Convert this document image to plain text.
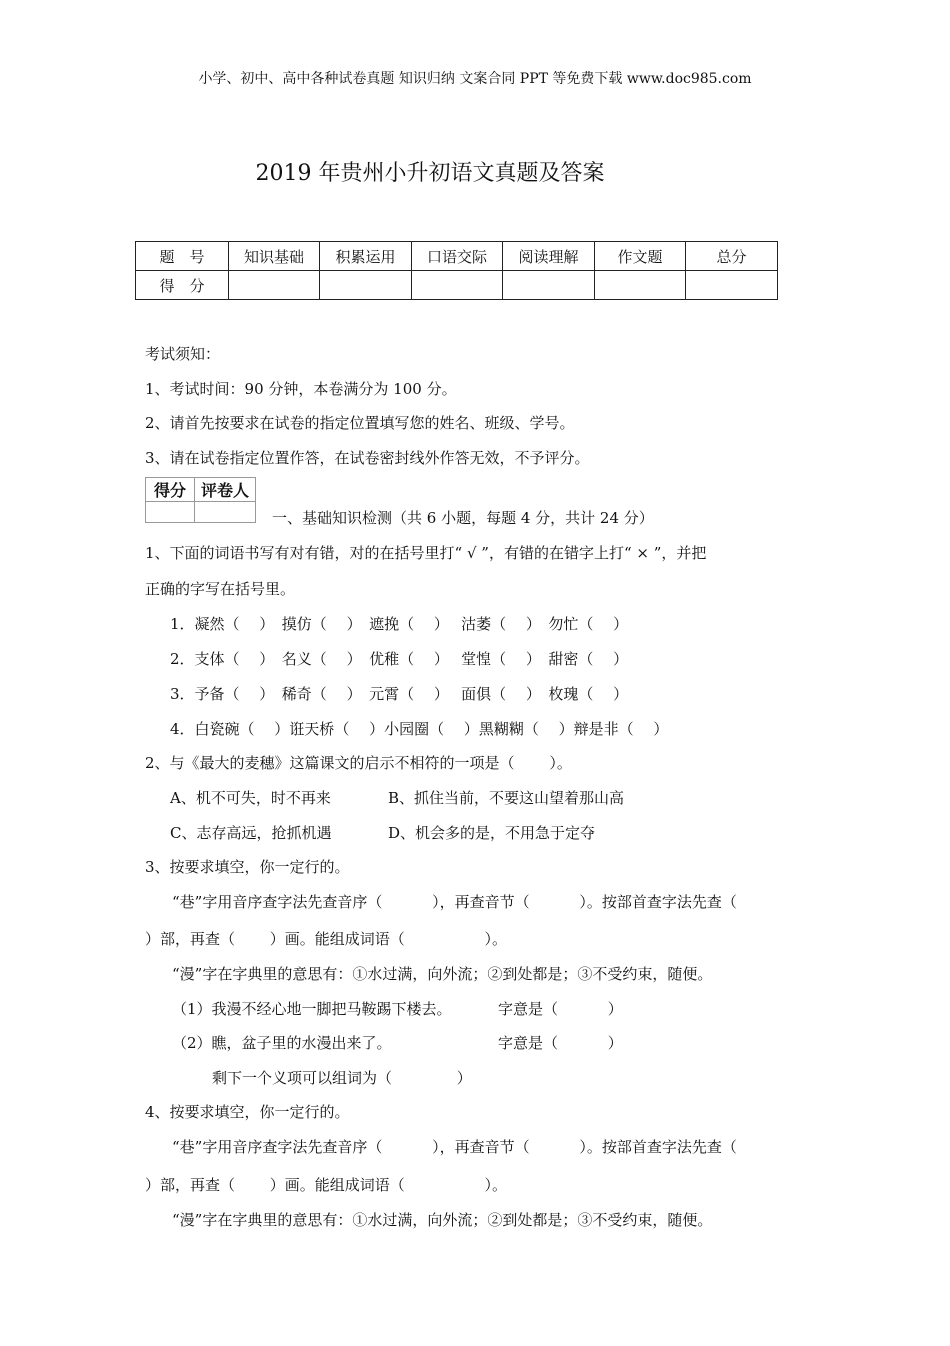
小学、初中、高中各种试卷真题 知识归纳 文案合同 PPT 等免费下载 www.doc985.com
2019 年贵州小升初语文真题及答案
题　号	知识基础	积累运用	口语交际	阅读理解	作文题	总分
得　分						
考试须知：
1、考试时间：90 分钟，本卷满分为 100 分。
2、请首先按要求在试卷的指定位置填写您的姓名、班级、学号。
3、请在试卷指定位置作答，在试卷密封线外作答无效，不予评分。
得分	评卷人

一、基础知识检测（共 6 小题，每题 4 分，共计 24 分）
1、下面的词语书写有对有错，对的在括号里打“ √ ”，有错的在错字上打“ × ”，并把
正确的字写在括号里。
1．凝然（　 ）　摸仿（　 ）　遮挽（　 ）　 沽萎（　 ）　勿忙（　 ）
2．支体（　 ）　名义（　 ）　优稚（　 ）　 堂惶（　 ）　甜密（　 ）
3．予备（　 ）　稀奇（　 ）　元霄（　 ）　 面俱（　 ）　枚瑰（　 ）
4．白瓷碗（　 ）诳天桥（　 ）小园圈（　 ）黑糊糊（　 ）辩是非（　 ）
2、与《最大的麦穗》这篇课文的启示不相符的一项是（　　 ）。
A、机不可失，时不再来	B、抓住当前，不要这山望着那山高
C、志存高远，抢抓机遇	D、机会多的是，不用急于定夺
3、按要求填空，你一定行的。
“巷”字用音序查字法先查音序（　　　 ），再查音节（　　　 ）。按部首查字法先查（
）部，再查（　　 ）画。能组成词语（　　　　　 ）。
“漫”字在字典里的意思有：①水过满，向外流；②到处都是；③不受约束，随便。
（1）我漫不经心地一脚把马鞍踢下楼去。	字意是（　　　 ）
（2）瞧，盆子里的水漫出来了。	字意是（　　　 ）
剩下一个义项可以组词为（　　　　 ）
4、按要求填空，你一定行的。
“巷”字用音序查字法先查音序（　　　 ），再查音节（　　　 ）。按部首查字法先查（
）部，再查（　　 ）画。能组成词语（　　　　　 ）。
“漫”字在字典里的意思有：①水过满，向外流；②到处都是；③不受约束，随便。
